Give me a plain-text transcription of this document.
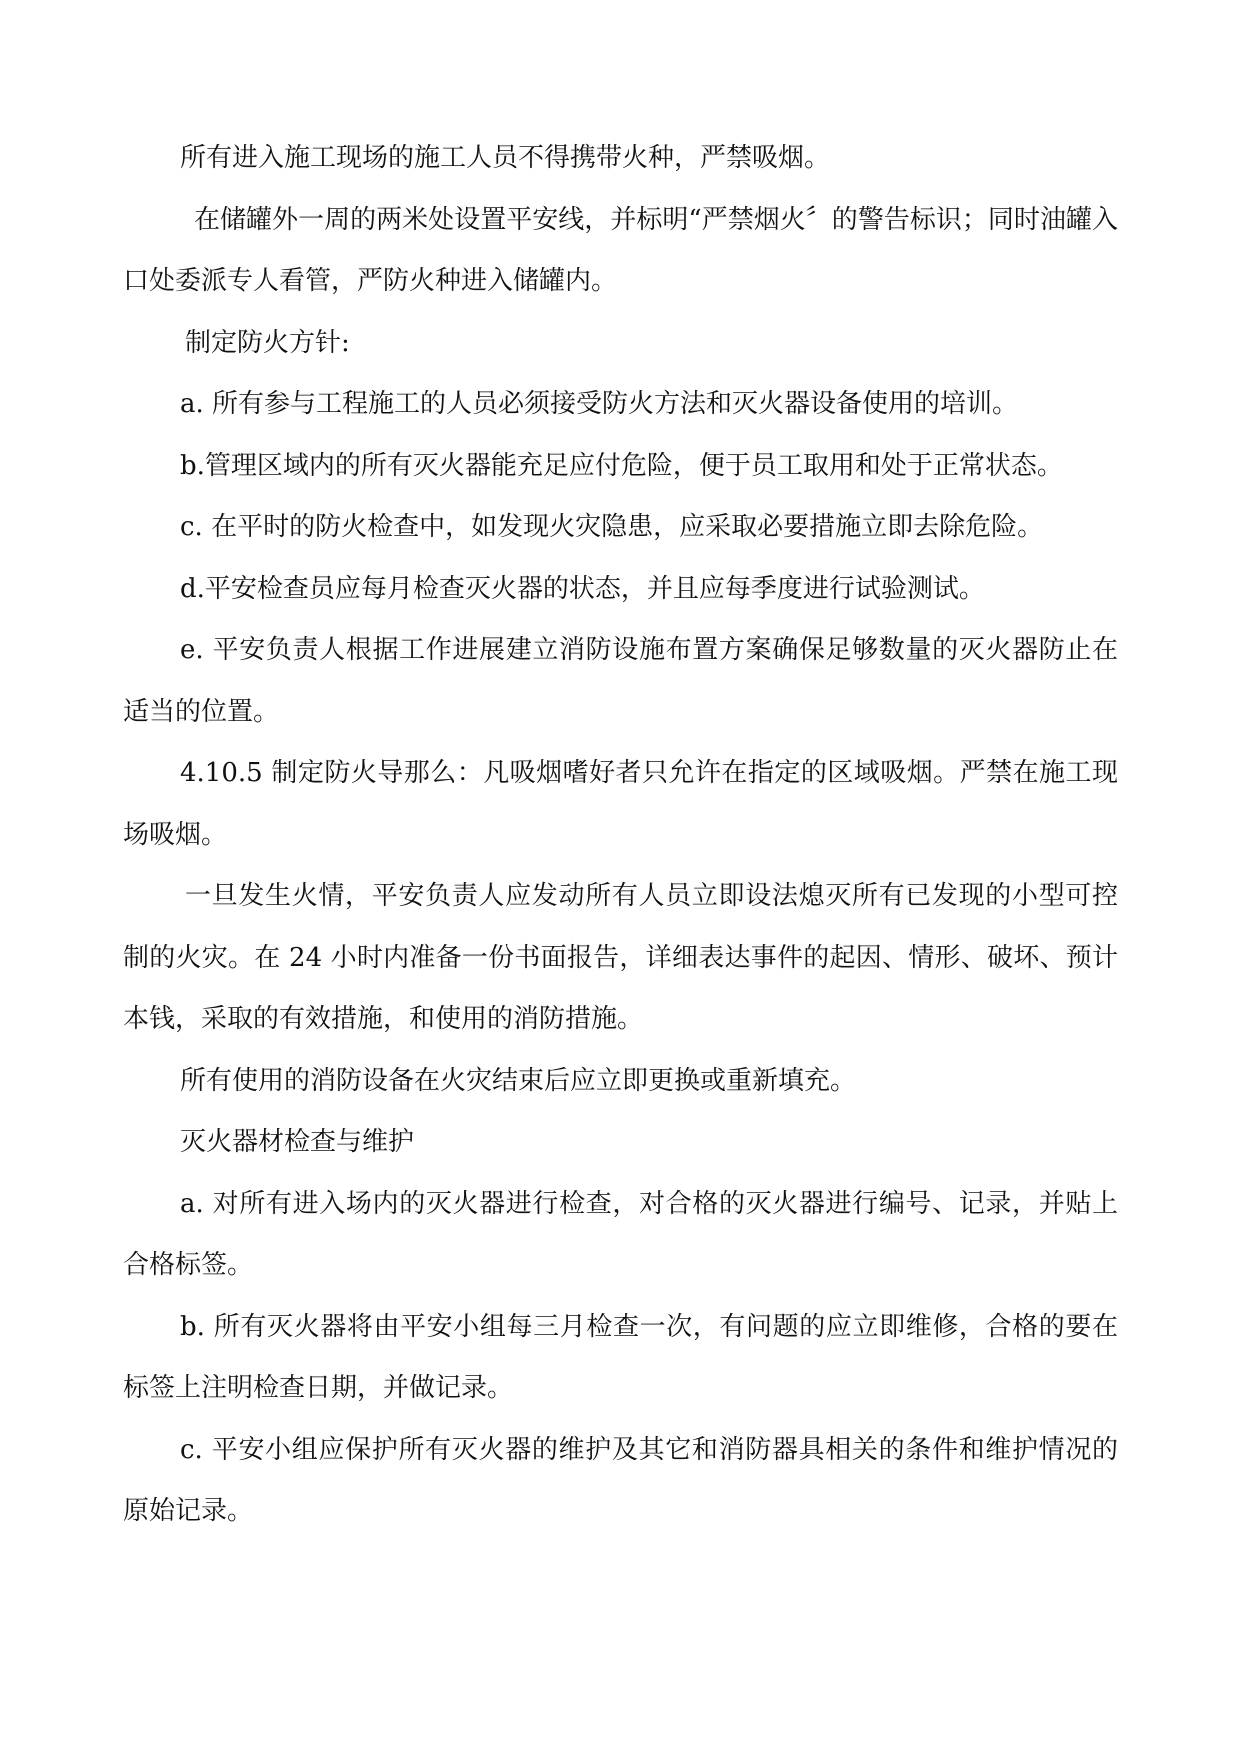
所有进入施工现场的施工人员不得携带火种，严禁吸烟。

在储罐外一周的两米处设置平安线，并标明“严禁烟火〞的警告标识；同时油罐入口处委派专人看管，严防火种进入储罐内。

制定防火方针:

a. 所有参与工程施工的人员必须接受防火方法和灭火器设备使用的培训。

b.管理区域内的所有灭火器能充足应付危险，便于员工取用和处于正常状态。

c. 在平时的防火检查中，如发现火灾隐患，应采取必要措施立即去除危险。

d.平安检查员应每月检查灭火器的状态，并且应每季度进行试验测试。

e. 平安负责人根据工作进展建立消防设施布置方案确保足够数量的灭火器防止在适当的位置。

4.10.5 制定防火导那么：凡吸烟嗜好者只允许在指定的区域吸烟。严禁在施工现场吸烟。

一旦发生火情，平安负责人应发动所有人员立即设法熄灭所有已发现的小型可控制的火灾。在 24 小时内准备一份书面报告，详细表达事件的起因、情形、破坏、预计本钱，采取的有效措施，和使用的消防措施。

所有使用的消防设备在火灾结束后应立即更换或重新填充。

灭火器材检查与维护

a. 对所有进入场内的灭火器进行检查，对合格的灭火器进行编号、记录，并贴上合格标签。

b. 所有灭火器将由平安小组每三月检查一次，有问题的应立即维修，合格的要在标签上注明检查日期，并做记录。

c. 平安小组应保护所有灭火器的维护及其它和消防器具相关的条件和维护情况的原始记录。
